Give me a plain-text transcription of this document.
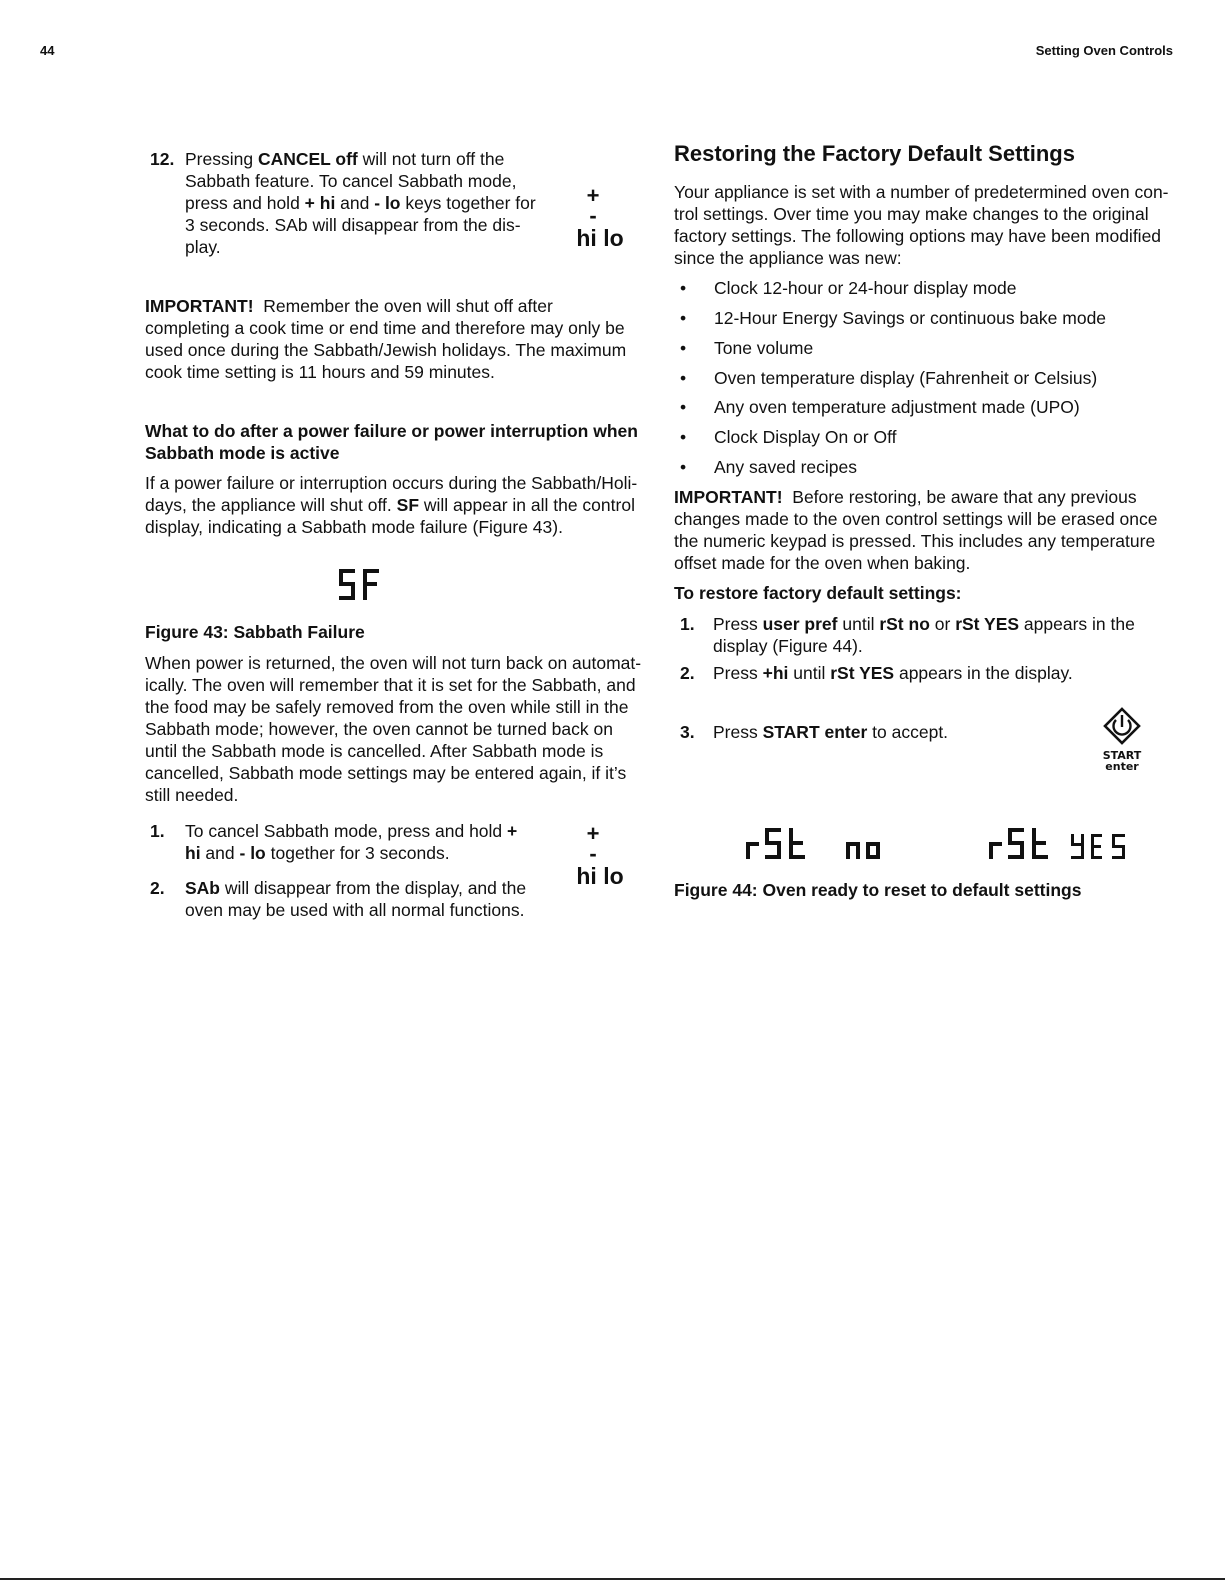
44	Setting Oven Controls
12. Pressing CANCEL off will not turn off the
Sabbath feature. To cancel Sabbath mode,
press and hold + hi and - lo keys together for
3 seconds. SAb will disappear from the dis-
play.
+ -
hi lo
IMPORTANT! Remember the oven will shut off after
completing a cook time or end time and therefore may only be
used once during the Sabbath/Jewish holidays. The maximum
cook time setting is 11 hours and 59 minutes.
What to do after a power failure or power interruption when
Sabbath mode is active
If a power failure or interruption occurs during the Sabbath/Holi-
days, the appliance will shut off. SF will appear in all the control
display, indicating a Sabbath mode failure (Figure 43).
Figure 43: Sabbath Failure
When power is returned, the oven will not turn back on automat-
ically. The oven will remember that it is set for the Sabbath, and
the food may be safely removed from the oven while still in the
Sabbath mode; however, the oven cannot be turned back on
until the Sabbath mode is cancelled. After Sabbath mode is
cancelled, Sabbath mode settings may be entered again, if it’s
still needed.
1. To cancel Sabbath mode, press and hold +
hi and - lo together for 3 seconds.
+ -
hi lo
2. SAb will disappear from the display, and the
oven may be used with all normal functions.
Restoring the Factory Default Settings
Your appliance is set with a number of predetermined oven con-
trol settings. Over time you may make changes to the original
factory settings. The following options may have been modified
since the appliance was new:
• Clock 12-hour or 24-hour display mode
• 12-Hour Energy Savings or continuous bake mode
• Tone volume
• Oven temperature display (Fahrenheit or Celsius)
• Any oven temperature adjustment made (UPO)
• Clock Display On or Off
• Any saved recipes
IMPORTANT! Before restoring, be aware that any previous
changes made to the oven control settings will be erased once
the numeric keypad is pressed. This includes any temperature
offset made for the oven when baking.
To restore factory default settings:
1. Press user pref until rSt no or rSt YES appears in the
display (Figure 44).
2. Press +hi until rSt YES appears in the display.
3. Press START enter to accept.
START
enter
Figure 44: Oven ready to reset to default settings
